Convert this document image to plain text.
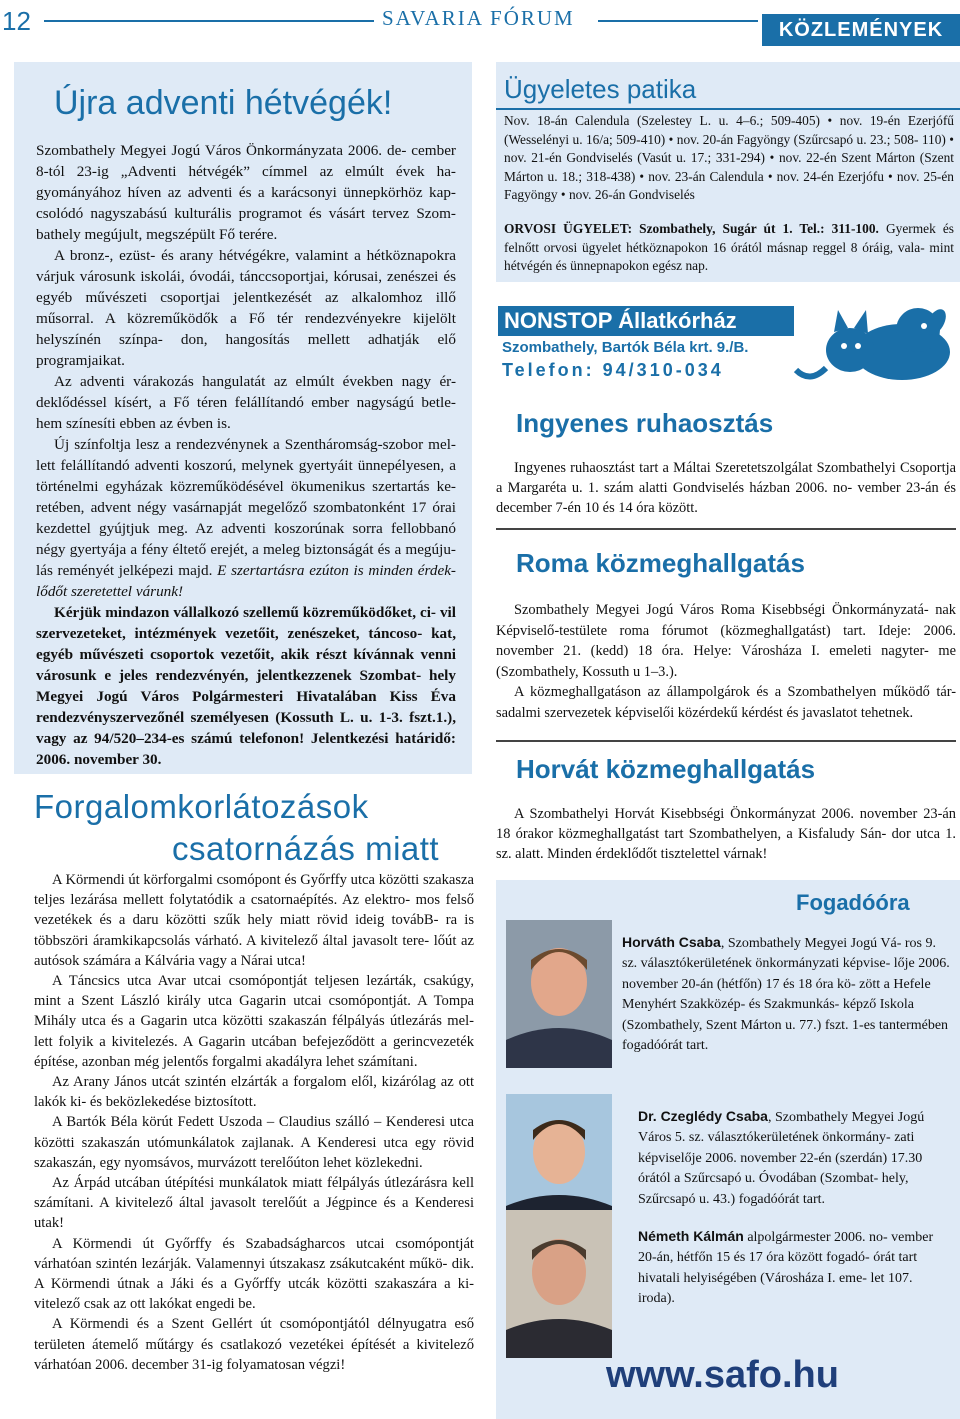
12	SAVARIA FÓRUM	KÖZLEMÉNYEK
Újra adventi hétvégék!

Szombathely Megyei Jogú Város Önkormányzata 2006. de- cember 8-tól 23-ig „Adventi hétvégék” címmel az elmúlt évek ha- gyományához híven az adventi és a karácsonyi ünnepkörhöz kap- csolódó nagyszabású kulturális programot és vásárt tervez Szom- bathely megújult, megszépült Fő terére.

A bronz-, ezüst- és arany hétvégékre, valamint a hétköznapokra várjuk városunk iskolái, óvodái, tánccsoportjai, kórusai, zenészei és egyéb művészeti csoportjai jelentkezését az alkalomhoz illő műsorral. A közreműködők a Fő tér rendezvényekre kijelölt helyszínén színpa- don, hangosítás mellett adhatják elő programjaikat.

Az adventi várakozás hangulatát az elmúlt években nagy ér- deklődéssel kísért, a Fő téren felállítandó ember nagyságú betle- hem színesíti ebben az évben is.

Új színfoltja lesz a rendezvénynek a Szentháromság-szobor mel- lett felállítandó adventi koszorú, melynek gyertyáit ünnepélyesen, a történelmi egyházak közreműködésével ökumenikus szertartás ke- retében, advent négy vasárnapját megelőző szombatonként 17 órai kezdettel gyújtjuk meg. Az adventi koszorúnak sorra fellobbanó négy gyertyája a fény éltető erejét, a meleg biztonságát és a megúju- lás reményét jelképezi majd. E szertartásra ezúton is minden érdek- lődőt szeretettel várunk!

Kérjük mindazon vállalkozó szellemű közreműködőket, ci- vil szervezeteket, intézmények vezetőit, zenészeket, táncoso- kat, egyéb művészeti csoportok vezetőit, akik részt kívánnak venni városunk e jeles rendezvényén, jelentkezzenek Szombat- hely Megyei Jogú Város Polgármesteri Hivatalában Kiss Éva rendezvényszervezőnél személyesen (Kossuth L. u. 1-3. fszt.1.), vagy az 94/520–234-es számú telefonon! Jelentkezési határidő: 2006. november 30.

Forgalomkorlátozások
csatornázás miatt

A Körmendi út körforgalmi csomópont és Győrffy utca közötti szakasza teljes lezárása mellett folytatódik a csatornaépítés. Az elektro- mos felső vezetékek és a daru közötti szűk hely miatt rövid ideig továbB- ra is többszöri áramkikapcsolás várható. A kivitelező által javasolt tere- lőút az autósok számára a Kálvária vagy a Nárai utca!

A Táncsics utca Avar utcai csomópontját teljesen lezárták, csakúgy, mint a Szent László király utca Gagarin utcai csomópontját. A Tompa Mihály utca és a Gagarin utca közötti szakaszán félpályás útlezárás mel- lett folyik a kivitelezés. A Gagarin utcában befejeződött a gerincvezeték építése, azonban még jelentős forgalmi akadályra lehet számítani.

Az Arany János utcát szintén elzárták a forgalom elől, kizárólag az ott lakók ki- és beközlekedése biztosított.

A Bartók Béla körút Fedett Uszoda – Claudius szálló – Kenderesi utca közötti szakaszán utómunkálatok zajlanak. A Kenderesi utca egy rövid szakaszán, egy nyomsávos, murvázott terelőúton lehet közlekedni.

Az Árpád utcában útépítési munkálatok miatt félpályás útlezárásra kell számítani. A kivitelező által javasolt terelőút a Jégpince és a Kenderesi utak!

A Körmendi út Győrffy és Szabadságharcos utcai csomópontját várhatóan szintén lezárják. Valamennyi útszakasz zsákutcaként műkö- dik. A Körmendi útnak a Jáki és a Győrffy utcák közötti szakaszára a ki- vitelező csak az ott lakókat engedi be.

A Körmendi és a Szent Gellért út csomópontjától délnyugatra eső területen átemelő műtárgy és csatlakozó vezetékei építését a kivitelező várhatóan 2006. december 31-ig folyamatosan végzi!

Ügyeletes patika
Nov. 18-án Calendula (Szelestey L. u. 4–6.; 509-405) • nov. 19-én Ezerjófű (Wesselényi u. 16/a; 509-410) • nov. 20-án Fagyöngy (Szűrcsapó u. 23.; 508- 110) • nov. 21-én Gondviselés (Vasút u. 17.; 331-294) • nov. 22-én Szent Márton (Szent Márton u. 18.; 318-438) • nov. 23-án Calendula • nov. 24-én Ezerjófu • nov. 25-én Fagyöngy • nov. 26-án Gondviselés
ORVOSI ÜGYELET: Szombathely, Sugár út 1. Tel.: 311-100. Gyermek és felnőtt orvosi ügyelet hétköznapokon 16 órától másnap reggel 8 óráig, vala- mint hétvégén és ünnepnapokon egész nap.
NONSTOP Állatkórház
Szombathely, Bartók Béla krt. 9./B.
Telefon: 94/310-034
Ingyenes ruhaosztás
Ingyenes ruhaosztást tart a Máltai Szeretetszolgálat Szombathelyi Csoportja a Margaréta u. 1. szám alatti Gondviselés házban 2006. no- vember 23-án és december 7-én 10 és 14 óra között.
Roma közmeghallgatás

Szombathely Megyei Jogú Város Roma Kisebbségi Önkormányzatá- nak Képviselő-testülete roma fórumot (közmeghallgatást) tart. Ideje: 2006. november 21. (kedd) 18 óra. Helye: Városháza I. emeleti nagyter- me (Szombathely, Kossuth u 1–3.).

A közmeghallgatáson az állampolgárok és a Szombathelyen működő tár- sadalmi szervezetek képviselői közérdekű kérdést és javaslatot tehetnek.

Horvát közmeghallgatás
A Szombathelyi Horvát Kisebbségi Önkormányzat 2006. november 23-án 18 órakor közmeghallgatást tart Szombathelyen, a Kisfaludy Sán- dor utca 1. sz. alatt. Minden érdeklődőt tisztelettel várnak!
Fogadóóra
Horváth Csaba, Szombathely Megyei Jogú Vá- ros 9. sz. választókerületének önkormányzati képvise- lője 2006. november 20-án (hétfőn) 17 és 18 óra kö- zött a Hefele Menyhért Szakközép- és Szakmunkás- képző Iskola (Szombathely, Szent Márton u. 77.) fszt. 1-es tantermében fogadóórát tart.
Dr. Czeglédy Csaba, Szombathely Megyei Jogú Város 5. sz. választókerületének önkormány- zati képviselője 2006. november 22-én (szerdán) 17.30 órától a Szűrcsapó u. Óvodában (Szombat- hely, Szűrcsapó u. 43.) fogadóórát tart.
Németh Kálmán alpolgármester 2006. no- vember 20-án, hétfőn 15 és 17 óra között fogadó- órát tart hivatali helyiségében (Városháza I. eme- let 107. iroda).
www.safo.hu
